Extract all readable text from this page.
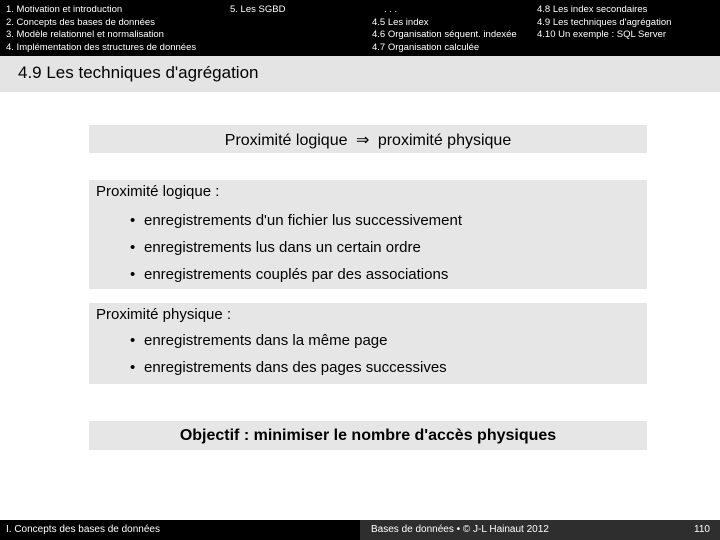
1. Motivation et introduction
2. Concepts des bases de données
3. Modèle relationnel et normalisation
4. Implémentation des structures de données
5. Les SGBD	. . .
4.5 Les index
4.6 Organisation séquent. indexée
4.7 Organisation calculée
4.8 Les index secondaires
4.9 Les techniques d'agrégation
4.10 Un exemple : SQL Server
4.9 Les techniques d'agrégation
Proximité logique ⇒ proximité physique
Proximité logique :
• enregistrements d'un fichier lus successivement
• enregistrements lus dans un certain ordre
• enregistrements couplés par des associations
Proximité physique :
• enregistrements dans la même page
• enregistrements dans des pages successives
Objectif : minimiser le nombre d'accès physiques
I. Concepts des bases de données	Bases de données • © J-L Hainaut 2012	110
